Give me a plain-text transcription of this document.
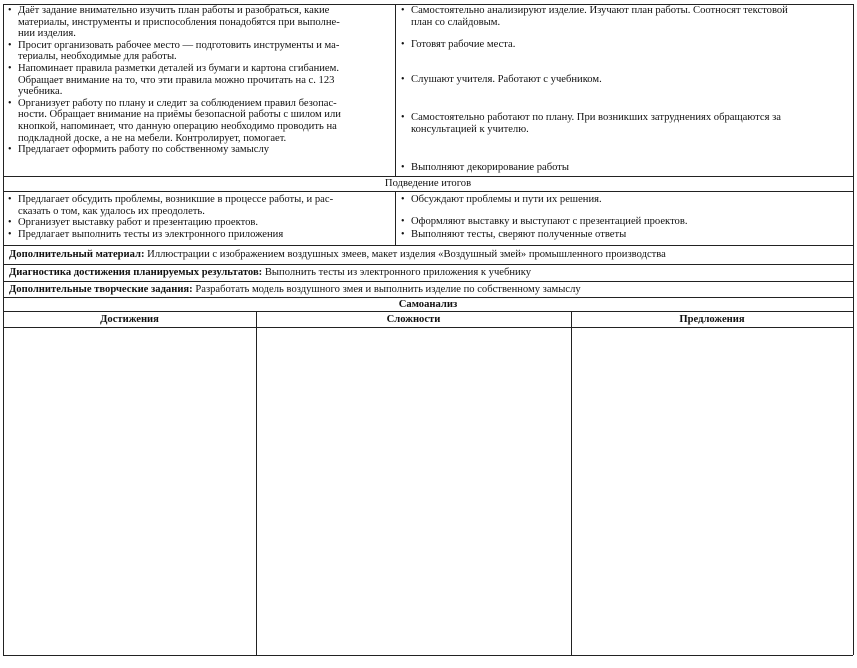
• Даёт задание внимательно изучить план работы и разобраться, какие
материалы, инструменты и приспособления понадобятся при выполне-
нии изделия.
• Просит организовать рабочее место — подготовить инструменты и ма-
териалы, необходимые для работы.
• Напоминает правила разметки деталей из бумаги и картона сгибанием.
Обращает внимание на то, что эти правила можно прочитать на с. 123
учебника.
• Организует работу по плану и следит за соблюдением правил безопас-
ности. Обращает внимание на приёмы безопасной работы с шилом или
кнопкой, напоминает, что данную операцию необходимо проводить на
подкладной доске, а не на мебели. Контролирует, помогает.
• Предлагает оформить работу по собственному замыслу
• Самостоятельно анализируют изделие. Изучают план работы. Соотносят текстовой
план со слайдовым.
• Готовят рабочие места.
• Слушают учителя. Работают с учебником.
• Самостоятельно работают по плану. При возникших затруднениях обращаются за
консультацией к учителю.
• Выполняют декорирование работы
Подведение итогов
• Предлагает обсудить проблемы, возникшие в процессе работы, и рас-
сказать о том, как удалось их преодолеть.
• Организует выставку работ и презентацию проектов.
• Предлагает выполнить тесты из электронного приложения
• Обсуждают проблемы и пути их решения.
• Оформляют выставку и выступают с презентацией проектов.
• Выполняют тесты, сверяют полученные ответы
Дополнительный материал: Иллюстрации с изображением воздушных змеев, макет изделия «Воздушный змей» промышленного производства
Диагностика достижения планируемых результатов: Выполнить тесты из электронного приложения к учебнику
Дополнительные творческие задания: Разработать модель воздушного змея и выполнить изделие по собственному замыслу
Самоанализ
Достижения	Сложности	Предложения
